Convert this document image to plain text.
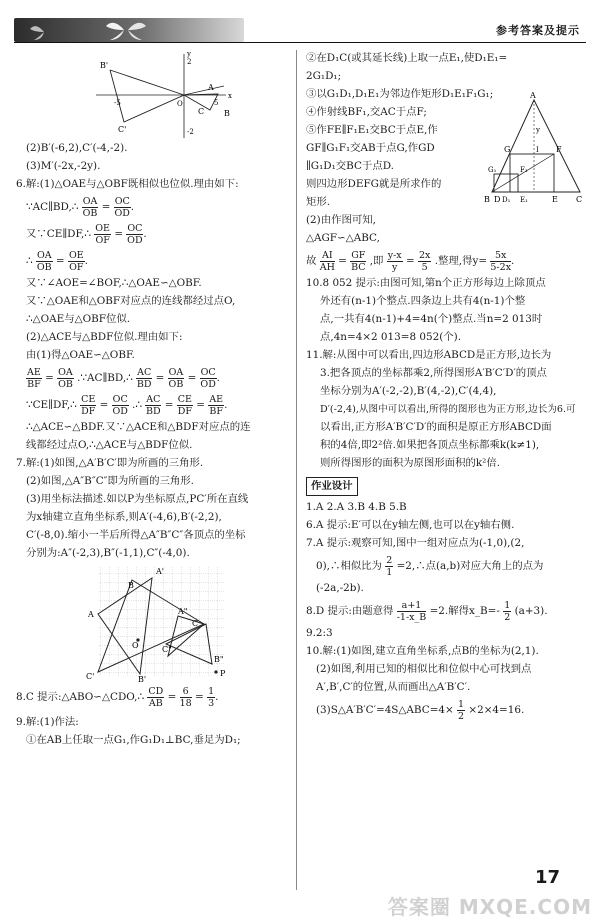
参考答案及提示
B'
A
B
C'
C
O
-5	5
2
-2
x
y
(2)B′(-6,2),C′(-4,-2).
(3)M′(-2x,-2y).
6.解:(1)△OAE与△OBF既相似也位似.理由如下:
∵AC∥BD,∴ $\frac{OA}{OB} = \frac{OC}{OD}$ .
又∵CE∥DF,∴ $\frac{OE}{OF} = \frac{OC}{OD}$ .
∴ $\frac{OA}{OB} = \frac{OE}{OF}$ .
又∵∠AOE=∠BOF,∴△OAE∽△OBF.
又∵△OAE和△OBF对应点的连线都经过点O,
∴△OAE与△OBF位似.
(2)△ACE与△BDF位似.理由如下:
由(1)得△OAE∽△OBF.
$\frac{AE}{BF} = \frac{OA}{OB}$ .∵AC∥BD,∴ $\frac{AC}{BD} = \frac{OA}{OB} = \frac{OC}{OD}$ .
∵CE∥DF,∴ $\frac{CE}{DF} = \frac{OC}{OD}$ .∴ $\frac{AC}{BD} = \frac{CE}{DF} = \frac{AE}{BF}$ .
∴△ACE∽△BDF.又∵△ACE和△BDF对应点的连
线都经过点O,∴△ACE与△BDF位似.
7.解:(1)如图,△A′B′C′即为所画的三角形.
(2)如图,△A″B″C″即为所画的三角形.
(3)用坐标法描述.如以P为坐标原点,PC′所在直线
为x轴建立直角坐标系,则A′(-4,6),B′(-2,2),
C′(-8,0).缩小一半后所得△A″B″C″各顶点的坐标
分别为:A″(-2,3),B″(-1,1),C″(-4,0).
A'
B
A
O
A"
C
C"
B"
P
C'	B'
8.C 提示:△ABO∽△CDO,∴ $\frac{CD}{AB} = \frac{6}{18} = \frac{1}{3}$ .
9.解:(1)作法:
①在AB上任取一点G₁,作G₁D₁⊥BC,垂足为D₁;
②在D₁C(或其延长线)上取一点E₁,使D₁E₁=
2G₁D₁;
③以G₁D₁,D₁E₁为邻边作矩形D₁E₁F₁G₁;
④作射线BF₁,交AC于点F;
⑤作FE∥F₁E₁交BC于点E,作
GF∥G₁F₁交AB于点G,作GD
∥G₁D₁交BC于点D.
则四边形DEFG就是所求作的
矩形.
A
G	F
G₁	F₁
I
y
B D D₁ E₁	E C
(2)由作图可知,
△AGF∽△ABC,
故 $\frac{AI}{AH} = \frac{GF}{BC}$ ,即 $\frac{y-x}{y} = \frac{2x}{5}$ .整理,得$y= \frac{5x}{5-2x}$ .
10.8 052 提示:由图可知,第n个正方形每边上除顶点
外还有(n-1)个整点.四条边上共有4(n-1)个整
点,一共有4(n-1)+4=4n(个)整点.当n=2 013时
点,4n=4×2 013=8 052(个).
11.解:从图中可以看出,四边形ABCD是正方形,边长为
3.把各顶点的坐标都乘2,所得图形A′B′C′D′的顶点
坐标分别为A′(-2,-2),B′(4,-2),C′(4,4),
D′(-2,4),从图中可以看出,所得的图形也为正方形,边长为6.可
以看出,正方形A′B′C′D′的面积是原正方形ABCD面
积的4倍,即2²倍.如果把各顶点坐标都乘k(k≠1),
则所得图形的面积为原图形面积的k²倍.
作业设计
1.A 2.A 3.B 4.B 5.B
6.A 提示:E′可以在y轴左侧,也可以在y轴右侧.
7.A 提示:观察可知,图中一组对应点为(-1,0),(2,
0),∴相似比为 $\frac{2}{1}$ =2,∴点(a,b)对应大角上的点为
(-2a,-2b).
8.D 提示:由题意得 $\frac{a+1}{-1-x\_B} =2$.解得x_B=- $\frac{1}{2} (a+3)$.
9.2:3
10.解:(1)如图,建立直角坐标系,点B的坐标为(2,1).
(2)如图,利用已知的相似比和位似中心可找到点
A′,B′,C′的位置,从而画出△A′B′C′.
(3)S△A′B′C′=4S△ABC=4× $\frac{1}{2} \times 2\times 4=16$.
17
答案圈 MXQE.COM
